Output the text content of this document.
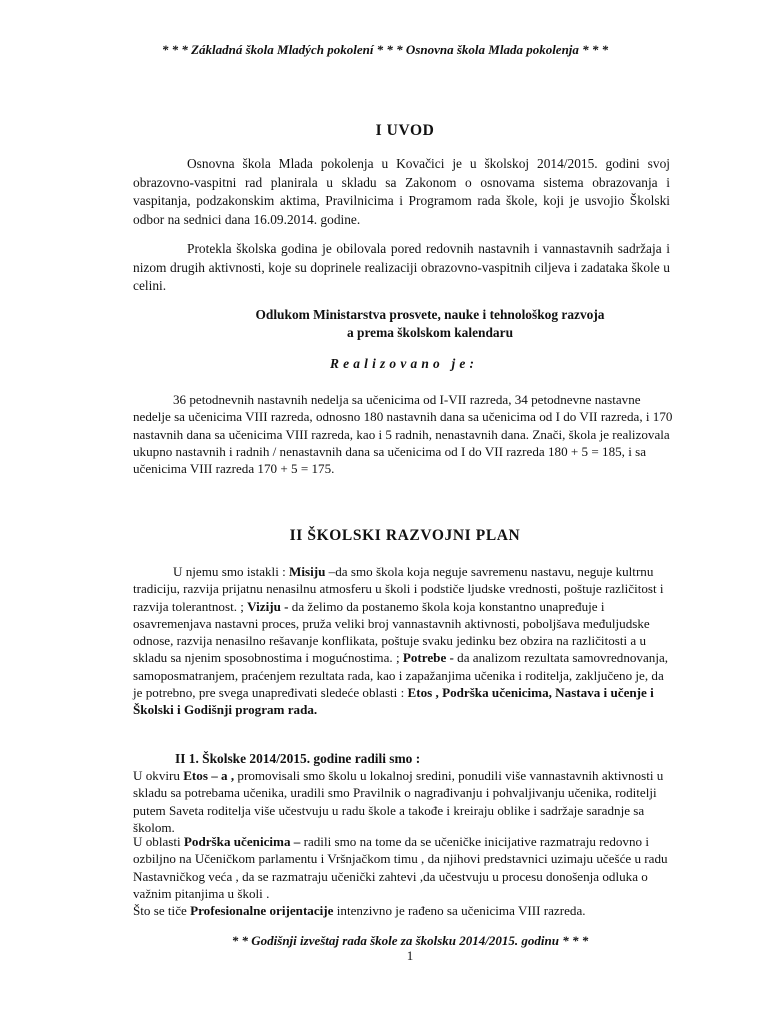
* * * Základná škola Mladých pokolení * * * Osnovna škola Mlada pokolenja * * *
I UVOD
Osnovna škola Mlada pokolenja u Kovačici je u školskoj 2014/2015. godini svoj obrazovno-vaspitni rad planirala u skladu sa Zakonom o osnovama sistema obrazovanja i vaspitanja, podzakonskim aktima, Pravilnicima i Programom rada škole, koji je usvojio Školski odbor na sednici dana 16.09.2014. godine.
Protekla školska godina je obilovala pored redovnih nastavnih i vannastavnih sadržaja i nizom drugih aktivnosti, koje su doprinele realizaciji obrazovno-vaspitnih ciljeva i zadataka škole u celini.
Odlukom Ministarstva prosvete, nauke i tehnološkog razvoja
a prema školskom kalendaru
Realizovano je:
36 petodnevnih nastavnih nedelja sa učenicima od I-VII razreda, 34 petodnevne nastavne nedelje sa učenicima VIII razreda, odnosno 180 nastavnih dana sa učenicima od I do VII razreda, i 170 nastavnih dana sa učenicima VIII razreda, kao i 5 radnih, nenastavnih dana. Znači, škola je realizovala ukupno nastavnih i radnih / nenastavnih dana sa učenicima od I do VII razreda 180 + 5 = 185, i sa učenicima VIII razreda 170 + 5 = 175.
II ŠKOLSKI RAZVOJNI PLAN
U njemu smo istakli : Misiju –da smo škola koja neguje savremenu nastavu, neguje kultrnu tradiciju, razvija prijatnu nenasilnu atmosferu u školi i podstiče ljudske vrednosti, poštuje različitost i razvija tolerantnost. ; Viziju - da želimo da postanemo škola koja konstantno unapređuje i osavremenjava nastavni proces, pruža veliki broj vannastavnih aktivnosti, poboljšava međuljudske odnose, razvija nenasilno rešavanje konflikata, poštuje svaku jedinku bez obzira na različitosti a u skladu sa njenim sposobnostima i mogućnostima. ; Potrebe - da analizom rezultata samovrednovanja, samoposmatranjem, praćenjem rezultata rada, kao i zapažanjima učenika i roditelja, zaključeno je, da je potrebno, pre svega unapređivati sledeće oblasti : Etos , Podrška učenicima, Nastava i učenje i Školski i Godišnji program rada.
II 1. Školske 2014/2015. godine radili smo :
U okviru Etos – a , promovisali smo školu u lokalnoj sredini, ponudili više vannastavnih aktivnosti u skladu sa potrebama učenika, uradili smo Pravilnik o nagrađivanju i pohvaljivanju učenika, roditelji putem Saveta roditelja više učestvuju u radu škole a takođe i kreiraju oblike i sadržaje saradnje sa školom.
U oblasti Podrška učenicima – radili smo na tome da se učeničke inicijative razmatraju redovno i ozbiljno na Učeničkom parlamentu i Vršnjačkom timu , da njihovi predstavnici uzimaju učešće u radu Nastavničkog veća , da se razmatraju učenički zahtevi ,da učestvuju u procesu donošenja odluka o važnim pitanjima u školi .
Što se tiče Profesionalne orijentacije intenzivno je rađeno sa učenicima VIII razreda.
* * Godišnji izveštaj rada škole za školsku 2014/2015. godinu * * *
1
